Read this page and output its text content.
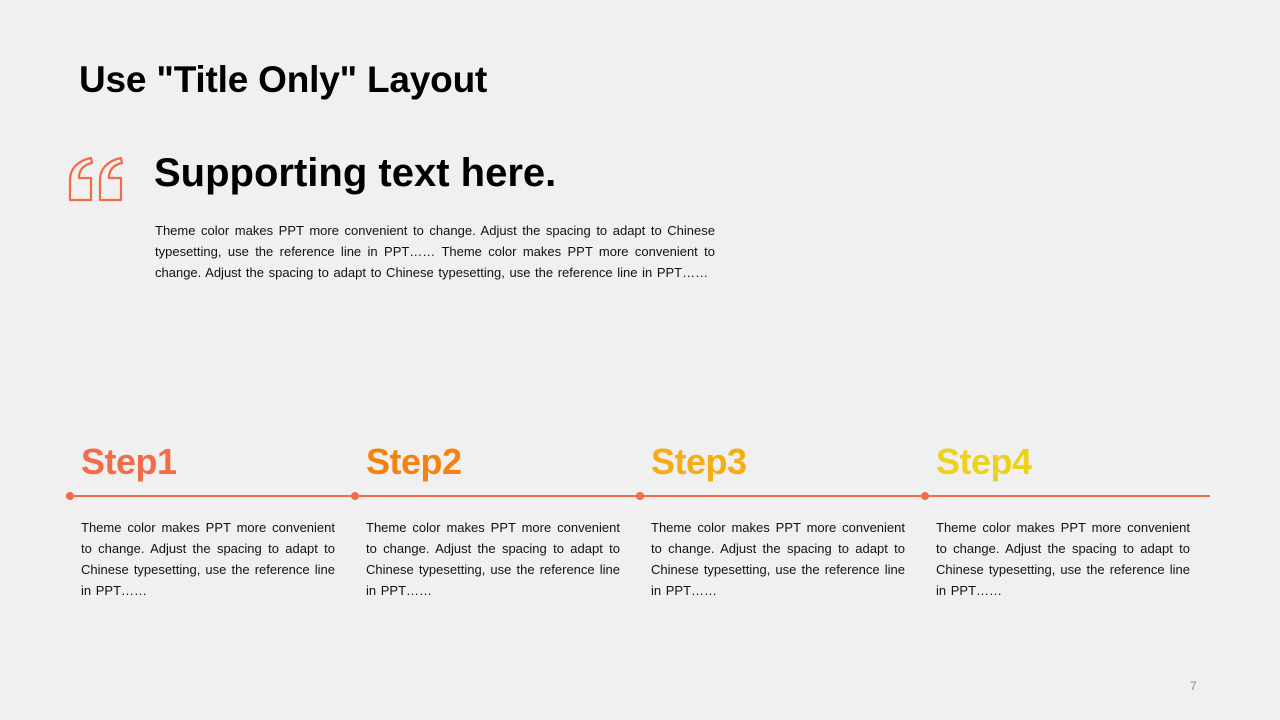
Use "Title Only" Layout
Supporting text here.
Theme color makes PPT more convenient to change. Adjust the spacing to adapt to Chinese typesetting, use the reference line in PPT…… Theme color makes PPT more convenient to change. Adjust the spacing to adapt to Chinese typesetting, use the reference line in PPT……
Step1	Step2	Step3	Step4
Theme color makes PPT more convenient to change. Adjust the spacing to adapt to Chinese typesetting, use the reference line in PPT……
Theme color makes PPT more convenient to change. Adjust the spacing to adapt to Chinese typesetting, use the reference line in PPT……
Theme color makes PPT more convenient to change. Adjust the spacing to adapt to Chinese typesetting, use the reference line in PPT……
Theme color makes PPT more convenient to change. Adjust the spacing to adapt to Chinese typesetting, use the reference line in PPT……
7
